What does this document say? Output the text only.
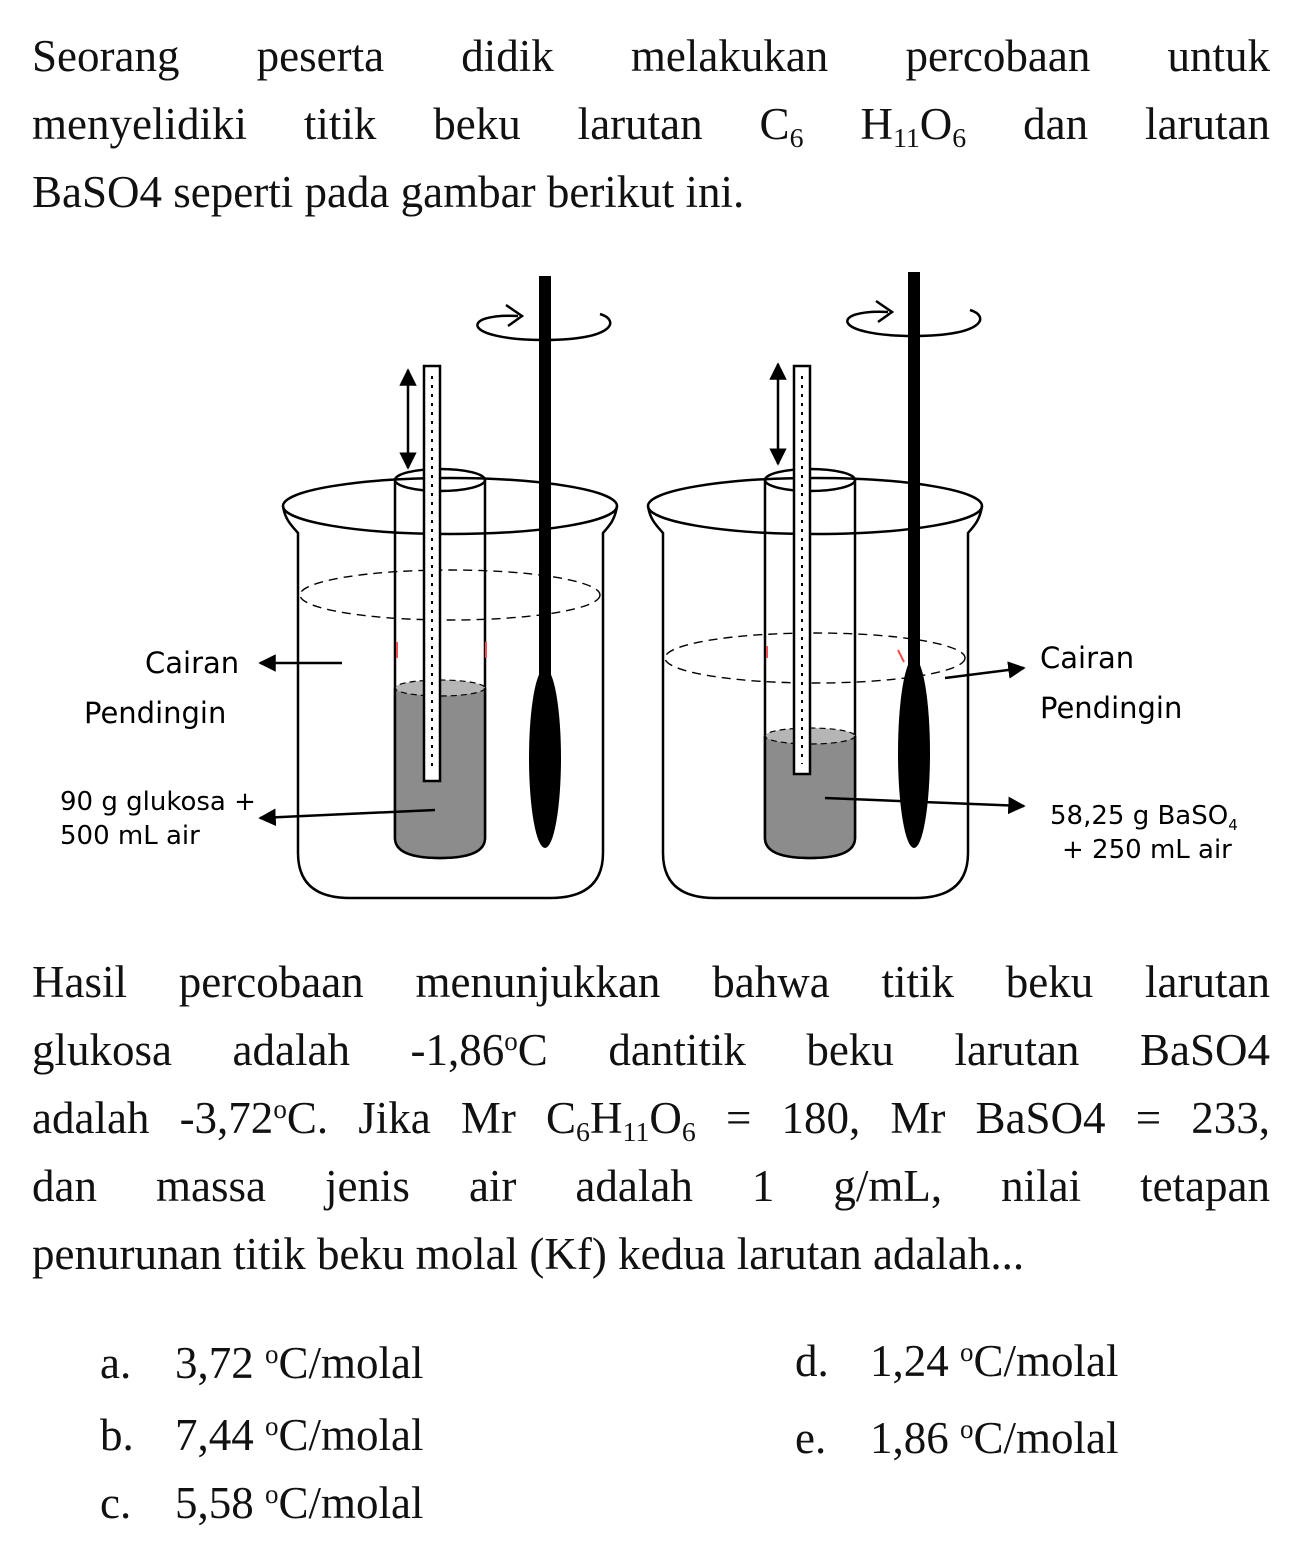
Seorang peserta didik melakukan percobaan untuk
menyelidiki titik beku larutan $C_6$ $H_{11}O_6$ dan larutan
BaSO4 seperti pada gambar berikut ini.
Cairan
Pendingin
90 g glukosa +
500 mL air
Cairan
Pendingin
58,25 g BaSO$_4$
+ 250 mL air
Hasil percobaan menunjukkan bahwa titik beku larutan
glukosa adalah -1,86$^o$C dantitik beku larutan BaSO4
adalah -3,72$^o$C. Jika Mr $C_6H_{11}O_6 = 180$, Mr BaSO4 = 233,
dan massa jenis air adalah 1 g/mL, nilai tetapan
penurunan titik beku molal (Kf) kedua larutan adalah...
a. 3,72 $^o$C/molal
b. 7,44 $^o$C/molal
c. 5,58 $^o$C/molal
d. 1,24 $^o$C/molal
e. 1,86 $^o$C/molal
